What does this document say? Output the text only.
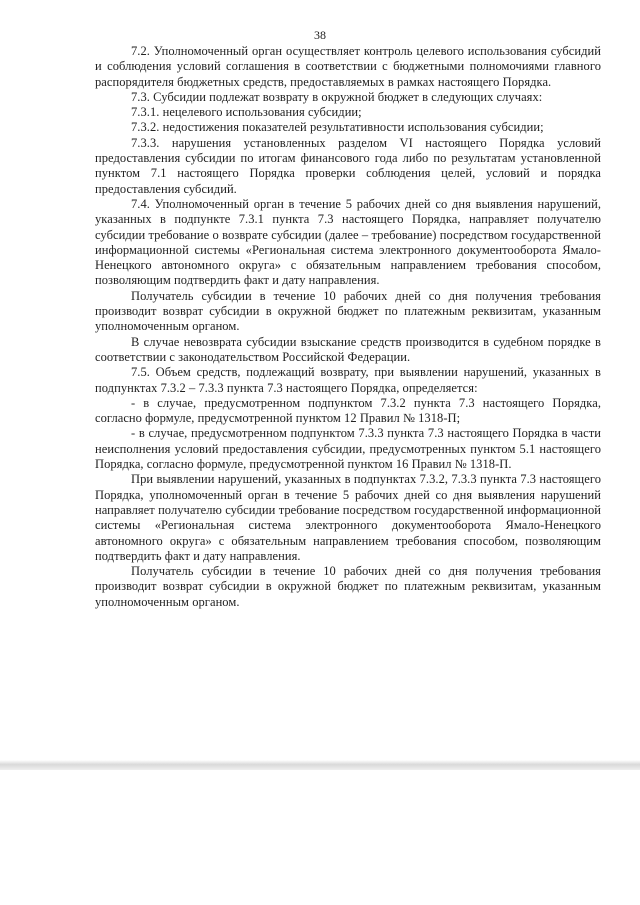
38

7.2. Уполномоченный орган осуществляет контроль целевого использования субсидий и соблюдения условий соглашения в соответствии с бюджетными полномочиями главного распорядителя бюджетных средств, предоставляемых в рамках настоящего Порядка.

7.3. Субсидии подлежат возврату в окружной бюджет в следующих случаях:

7.3.1. нецелевого использования субсидии;

7.3.2. недостижения показателей результативности использования субсидии;

7.3.3. нарушения установленных разделом VI настоящего Порядка условий предоставления субсидии по итогам финансового года либо по результатам установленной пунктом 7.1 настоящего Порядка проверки соблюдения целей, условий и порядка предоставления субсидий.

7.4. Уполномоченный орган в течение 5 рабочих дней со дня выявления нарушений, указанных в подпункте 7.3.1 пункта 7.3 настоящего Порядка, направляет получателю субсидии требование о возврате субсидии (далее – требование) посредством государственной информационной системы «Региональная система электронного документооборота Ямало-Ненецкого автономного округа» с обязательным направлением требования способом, позволяющим подтвердить факт и дату направления.

Получатель субсидии в течение 10 рабочих дней со дня получения требования производит возврат субсидии в окружной бюджет по платежным реквизитам, указанным уполномоченным органом.

В случае невозврата субсидии взыскание средств производится в судебном порядке в соответствии с законодательством Российской Федерации.

7.5. Объем средств, подлежащий возврату, при выявлении нарушений, указанных в подпунктах 7.3.2 – 7.3.3 пункта 7.3 настоящего Порядка, определяется:

- в случае, предусмотренном подпунктом 7.3.2 пункта 7.3 настоящего Порядка, согласно формуле, предусмотренной пунктом 12 Правил № 1318-П;

- в случае, предусмотренном подпунктом 7.3.3 пункта 7.3 настоящего Порядка в части неисполнения условий предоставления субсидии, предусмотренных пунктом 5.1 настоящего Порядка, согласно формуле, предусмотренной пунктом 16 Правил № 1318-П.

При выявлении нарушений, указанных в подпунктах 7.3.2, 7.3.3 пункта 7.3 настоящего Порядка, уполномоченный орган в течение 5 рабочих дней со дня выявления нарушений направляет получателю субсидии требование посредством государственной информационной системы «Региональная система электронного документооборота Ямало-Ненецкого автономного округа» с обязательным направлением требования способом, позволяющим подтвердить факт и дату направления.

Получатель субсидии в течение 10 рабочих дней со дня получения требования производит возврат субсидии в окружной бюджет по платежным реквизитам, указанным уполномоченным органом.
